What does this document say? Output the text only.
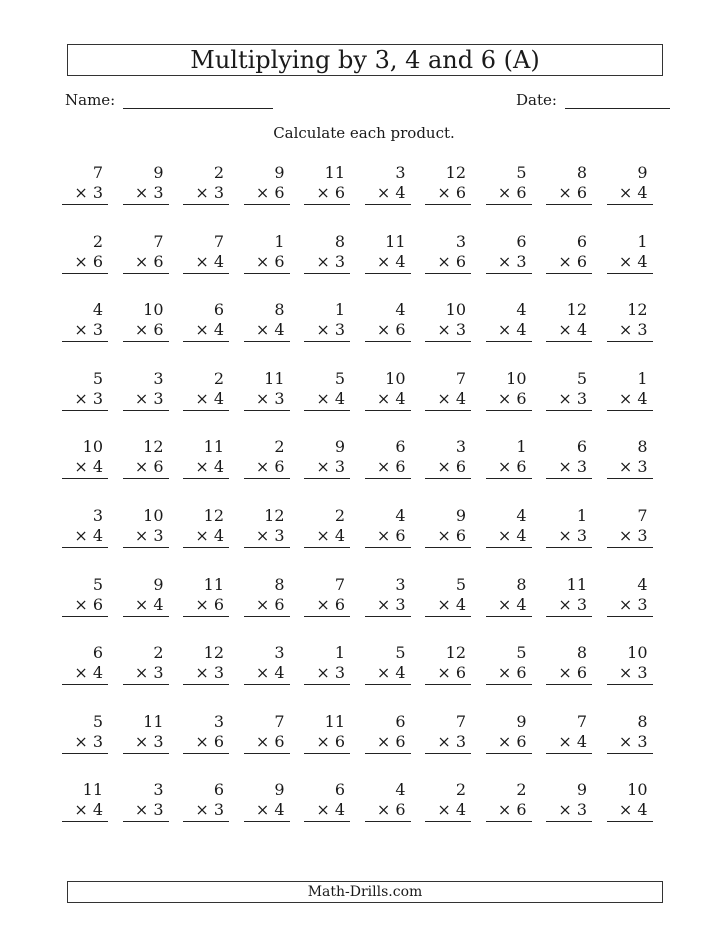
Multiplying by 3, 4 and 6 (A)
Name:	Date:
Calculate each product.
7
× 3
9
× 3
2
× 3
9
× 6
11
× 6
3
× 4
12
× 6
5
× 6
8
× 6
9
× 4
2
× 6
7
× 6
7
× 4
1
× 6
8
× 3
11
× 4
3
× 6
6
× 3
6
× 6
1
× 4
4
× 3
10
× 6
6
× 4
8
× 4
1
× 3
4
× 6
10
× 3
4
× 4
12
× 4
12
× 3
5
× 3
3
× 3
2
× 4
11
× 3
5
× 4
10
× 4
7
× 4
10
× 6
5
× 3
1
× 4
10
× 4
12
× 6
11
× 4
2
× 6
9
× 3
6
× 6
3
× 6
1
× 6
6
× 3
8
× 3
3
× 4
10
× 3
12
× 4
12
× 3
2
× 4
4
× 6
9
× 6
4
× 4
1
× 3
7
× 3
5
× 6
9
× 4
11
× 6
8
× 6
7
× 6
3
× 3
5
× 4
8
× 4
11
× 3
4
× 3
6
× 4
2
× 3
12
× 3
3
× 4
1
× 3
5
× 4
12
× 6
5
× 6
8
× 6
10
× 3
5
× 3
11
× 3
3
× 6
7
× 6
11
× 6
6
× 6
7
× 3
9
× 6
7
× 4
8
× 3
11
× 4
3
× 3
6
× 3
9
× 4
6
× 4
4
× 6
2
× 4
2
× 6
9
× 3
10
× 4
Math-Drills.com
